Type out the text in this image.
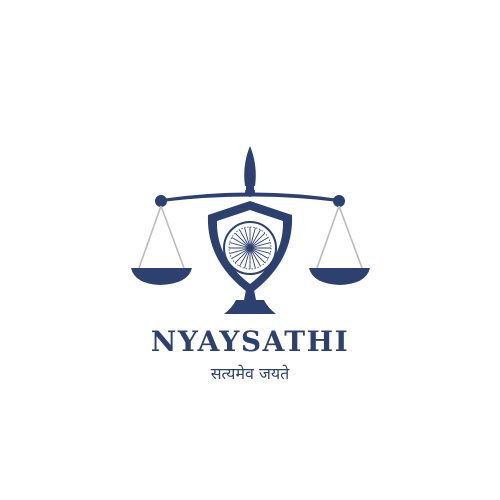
NYAYSATHI
सत्यमेव जयते
